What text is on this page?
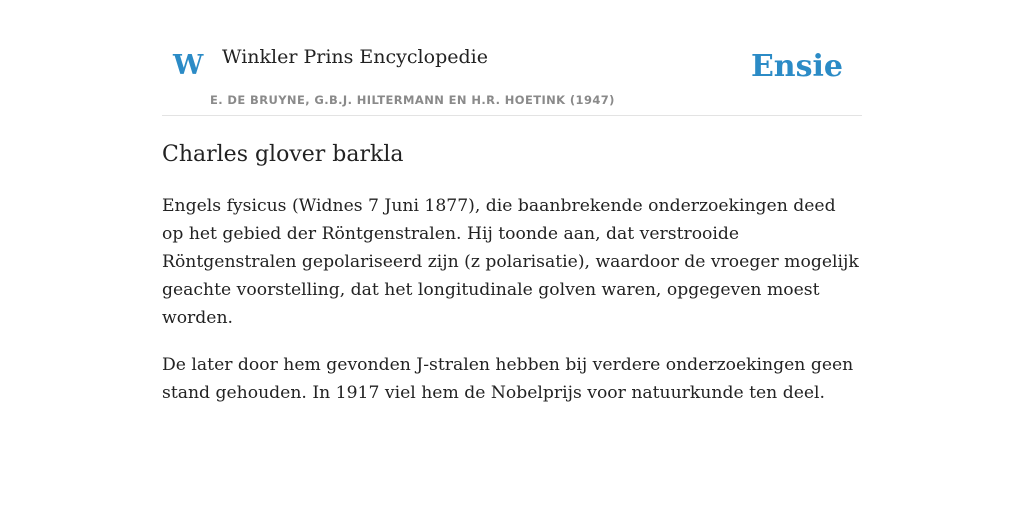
W Winkler Prins Encyclopedie
E. DE BRUYNE, G.B.J. HILTERMANN EN H.R. HOETINK (1947)
Ensie
Charles glover barkla

Engels fysicus (Widnes 7 Juni 1877), die baanbrekende onderzoekingen deed op het gebied der Röntgenstralen. Hij toonde aan, dat verstrooide Röntgenstralen gepolariseerd zijn (z polarisatie), waardoor de vroeger mogelijk geachte voorstelling, dat het longitudinale golven waren, opgegeven moest worden.

De later door hem gevonden J-stralen hebben bij verdere onderzoekingen geen stand gehouden. In 1917 viel hem de Nobelprijs voor natuurkunde ten deel.
